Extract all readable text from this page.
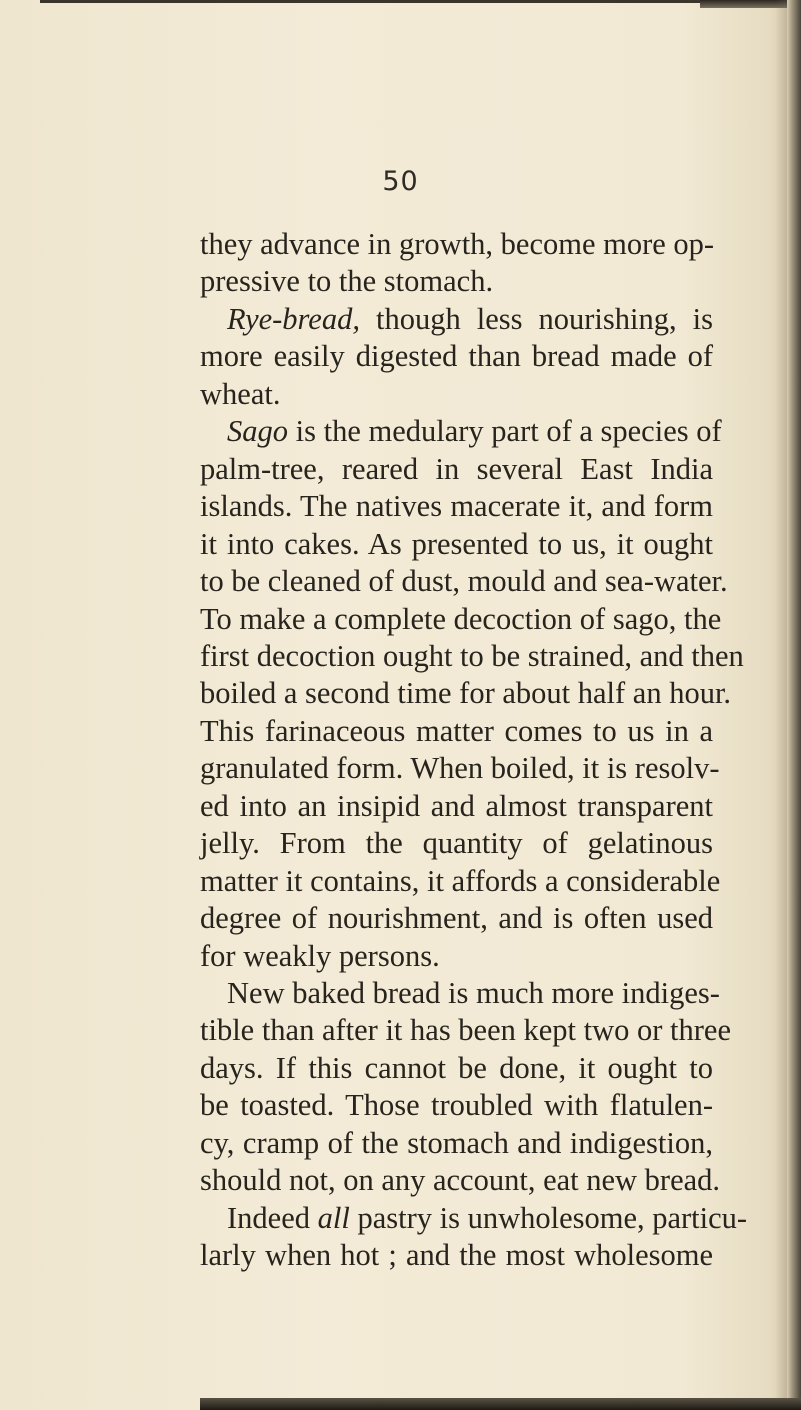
50
they advance in growth, become more op-
pressive to the stomach.
Rye-bread, though less nourishing, is
more easily digested than bread made of
wheat.
Sago is the medulary part of a species of
palm-tree, reared in several East India
islands. The natives macerate it, and form
it into cakes. As presented to us, it ought
to be cleaned of dust, mould and sea-water.
To make a complete decoction of sago, the
first decoction ought to be strained, and then
boiled a second time for about half an hour.
This farinaceous matter comes to us in a
granulated form. When boiled, it is resolv-
ed into an insipid and almost transparent
jelly. From the quantity of gelatinous
matter it contains, it affords a considerable
degree of nourishment, and is often used
for weakly persons.
New baked bread is much more indiges-
tible than after it has been kept two or three
days. If this cannot be done, it ought to
be toasted. Those troubled with flatulen-
cy, cramp of the stomach and indigestion,
should not, on any account, eat new bread.
Indeed all pastry is unwholesome, particu-
larly when hot ; and the most wholesome
